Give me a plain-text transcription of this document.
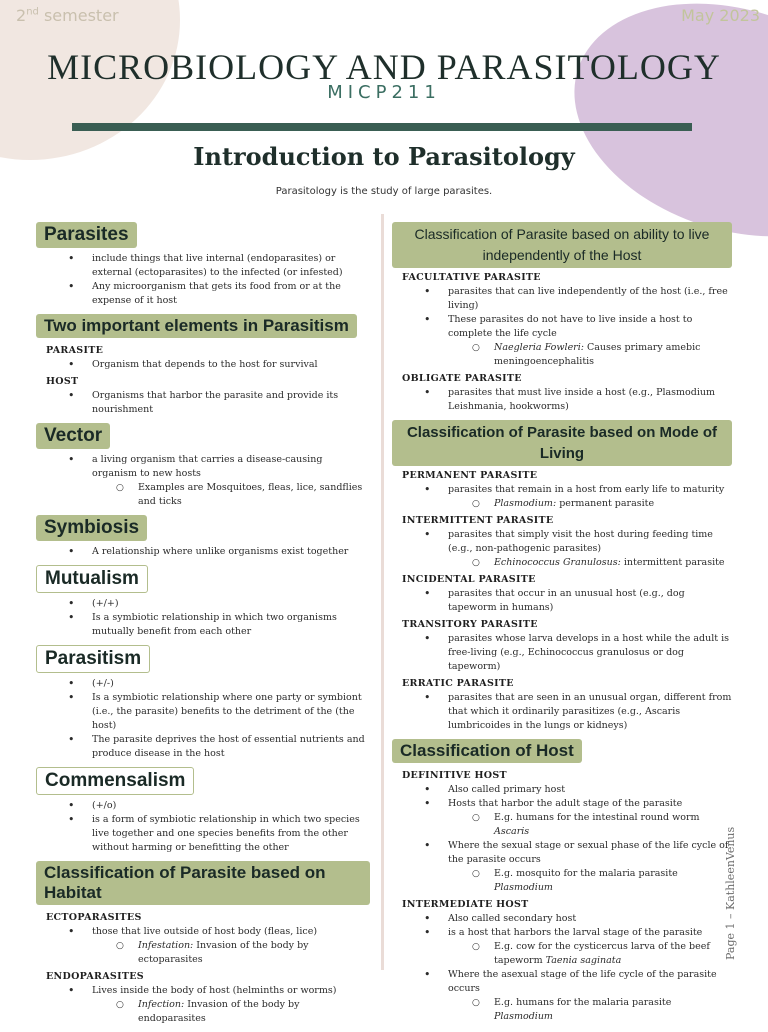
2nd semester	May 2023
MICROBIOLOGY AND PARASITOLOGY
MICP211
Introduction to Parasitology
Parasitology is the study of large parasites.
Parasites
• include things that live internal (endoparasites) or external (ectoparasites) to the infected (or infested)
• Any microorganism that gets its food from or at the expense of it host
Two important elements in Parasitism
PARASITE
• Organism that depends to the host for survival
HOST
• Organisms that harbor the parasite and provide its nourishment
Vector
• a living organism that carries a disease-causing organism to new hosts
○ Examples are Mosquitoes, fleas, lice, sandflies and ticks
Symbiosis
• A relationship where unlike organisms exist together
Mutualism
• (+/+)
• Is a symbiotic relationship in which two organisms mutually benefit from each other
Parasitism
• (+/-)
• Is a symbiotic relationship where one party or symbiont (i.e., the parasite) benefits to the detriment of the (the host)
• The parasite deprives the host of essential nutrients and produce disease in the host
Commensalism
• (+/o)
• is a form of symbiotic relationship in which two species live together and one species benefits from the other without harming or benefitting the other
Classification of Parasite based on Habitat
ECTOPARASITES
• those that live outside of host body (fleas, lice)
○ Infestation: Invasion of the body by ectoparasites
ENDOPARASITES
• Lives inside the body of host (helminths or worms)
○ Infection: Invasion of the body by endoparasites
Classification of Parasite based on ability to live independently of the Host
FACULTATIVE PARASITE
• parasites that can live independently of the host (i.e., free living)
• These parasites do not have to live inside a host to complete the life cycle
○ Naegleria Fowleri: Causes primary amebic meningoencephalitis
OBLIGATE PARASITE
• parasites that must live inside a host (e.g., Plasmodium Leishmania, hookworms)
Classification of Parasite based on Mode of Living
PERMANENT PARASITE
• parasites that remain in a host from early life to maturity
○ Plasmodium: permanent parasite
INTERMITTENT PARASITE
• parasites that simply visit the host during feeding time (e.g., non-pathogenic parasites)
○ Echinococcus Granulosus: intermittent parasite
INCIDENTAL PARASITE
• parasites that occur in an unusual host (e.g., dog tapeworm in humans)
TRANSITORY PARASITE
• parasites whose larva develops in a host while the adult is free-living (e.g., Echinococcus granulosus or dog tapeworm)
ERRATIC PARASITE
• parasites that are seen in an unusual organ, different from that which it ordinarily parasitizes (e.g., Ascaris lumbricoides in the lungs or kidneys)
Classification of Host
DEFINITIVE HOST
• Also called primary host
• Hosts that harbor the adult stage of the parasite
○ E.g. humans for the intestinal round worm Ascaris
• Where the sexual stage or sexual phase of the life cycle of the parasite occurs
○ E.g. mosquito for the malaria parasite Plasmodium
INTERMEDIATE HOST
• Also called secondary host
• is a host that harbors the larval stage of the parasite
○ E.g. cow for the cysticercus larva of the beef tapeworm Taenia saginata
• Where the asexual stage of the life cycle of the parasite occurs
○ E.g. humans for the malaria parasite Plasmodium
Page 1 – KathleenVenus
